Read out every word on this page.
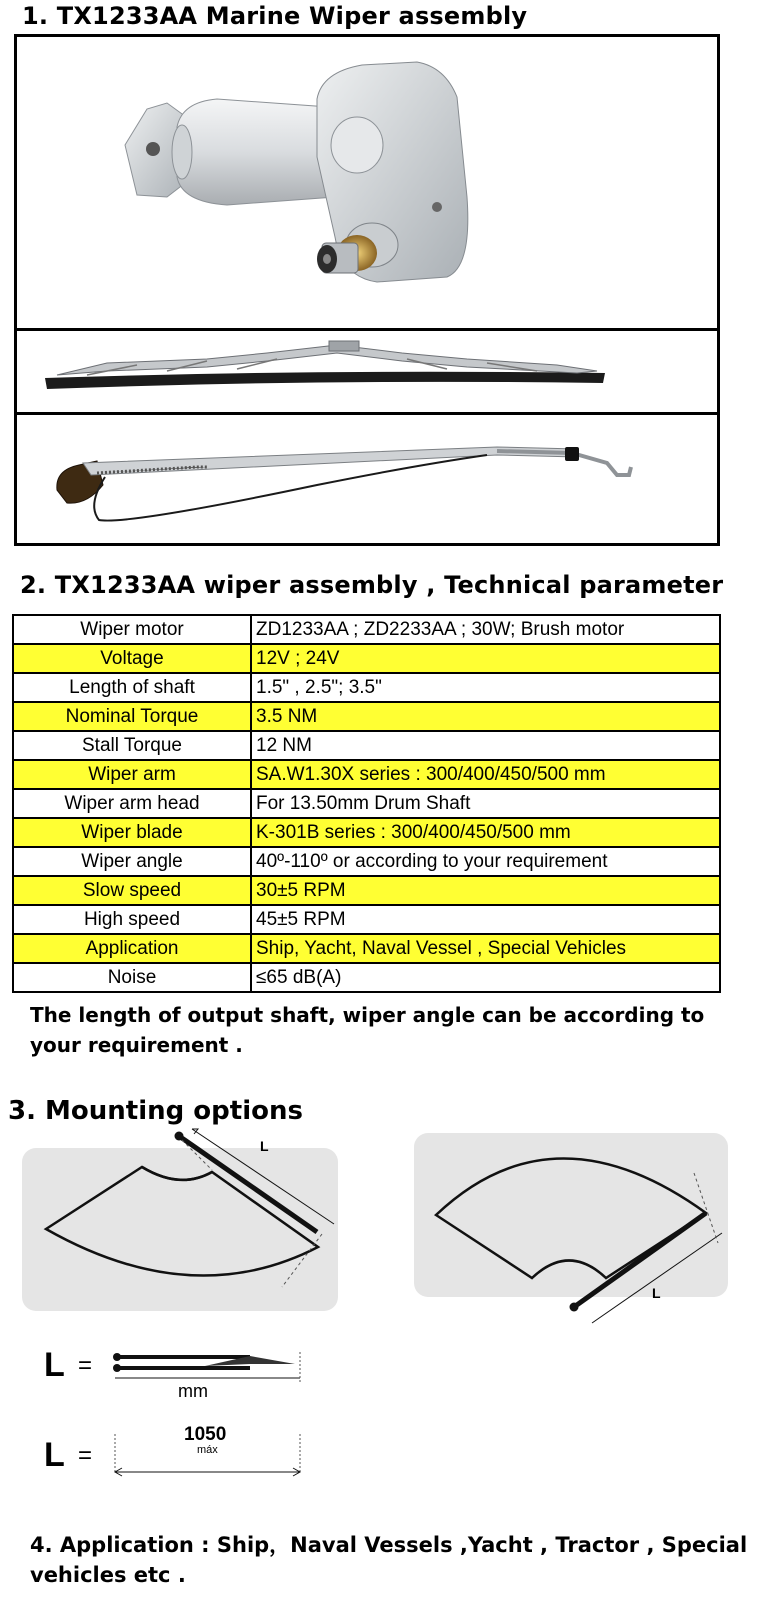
1. TX1233AA Marine Wiper assembly
2. TX1233AA wiper assembly , Technical parameter
Wiper motor	ZD1233AA ; ZD2233AA ; 30W; Brush motor
Voltage	12V ; 24V
Length of shaft	1.5" , 2.5"; 3.5"
Nominal Torque	3.5 NM
Stall Torque	12 NM
Wiper arm	SA.W1.30X series : 300/400/450/500 mm
Wiper arm head	For 13.50mm Drum Shaft
Wiper blade	K-301B series : 300/400/450/500 mm
Wiper angle	40º-110º or according to your requirement
Slow speed	30±5 RPM
High speed	45±5 RPM
Application	Ship, Yacht, Naval Vessel , Special Vehicles
Noise	≤65 dB(A)
The length of output shaft, wiper angle can be according to your requirement .
3. Mounting options
L
L
L =
mm
L =
1050
máx
4. Application : Ship，Naval Vessels ,Yacht , Tractor , Special vehicles etc .
